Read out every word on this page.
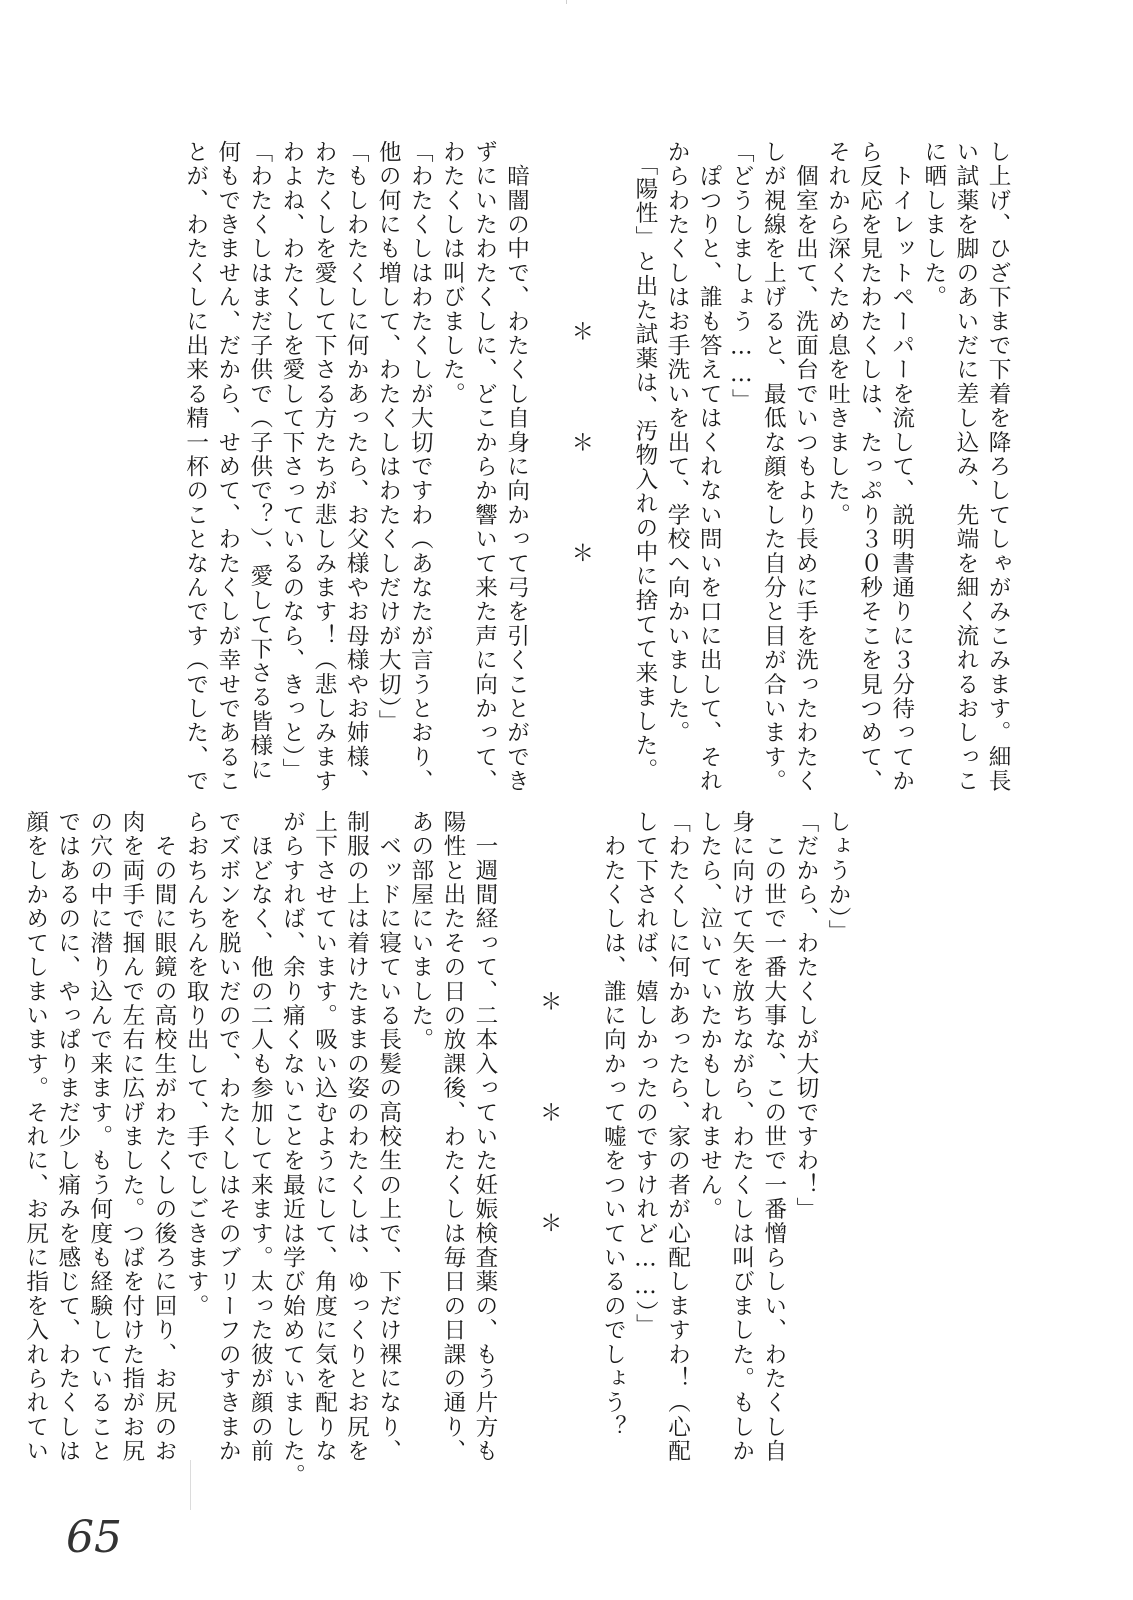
し上げ、ひざ下まで下着を降ろしてしゃがみこみます。細長
い試薬を脚のあいだに差し込み、先端を細く流れるおしっこ
に晒しました。
　トイレットペーパーを流して、説明書通りに３分待ってか
ら反応を見たわたくしは、たっぷり３０秒そこを見つめて、
それから深くため息を吐きました。
　個室を出て、洗面台でいつもより長めに手を洗ったわたく
しが視線を上げると、最低な顔をした自分と目が合います。
「どうしましょう……」
　ぽつりと、誰も答えてはくれない問いを口に出して、それ
からわたくしはお手洗いを出て、学校へ向かいました。
　「陽性」と出た試薬は、汚物入れの中に捨てて来ました。

＊＊＊

　暗闇の中で、わたくし自身に向かって弓を引くことができ
ずにいたわたくしに、どこからか響いて来た声に向かって、
わたくしは叫びました。
「わたくしはわたくしが大切ですわ（あなたが言うとおり、
他の何にも増して、わたくしはわたくしだけが大切）」
「もしわたくしに何かあったら、お父様やお母様やお姉様、
わたくしを愛して下さる方たちが悲しみます！（悲しみます
わよね、わたくしを愛して下さっているのなら、きっと）」
「わたくしはまだ子供で（子供で？）、愛して下さる皆様に
何もできません、だから、せめて、わたくしが幸せであるこ
とが、わたくしに出来る精一杯のことなんです（でした、で
しょうか）」
「だから、わたくしが大切ですわ！」
　この世で一番大事な、この世で一番憎らしい、わたくし自
身に向けて矢を放ちながら、わたくしは叫びました。もしか
したら、泣いていたかもしれません。
「わたくしに何かあったら、家の者が心配しますわ！（心配
して下されば、嬉しかったのですけれど……）」
　わたくしは、誰に向かって嘘をついているのでしょう？

＊＊＊

　一週間経って、二本入っていた妊娠検査薬の、もう片方も
陽性と出たその日の放課後、わたくしは毎日の日課の通り、
あの部屋にいました。
　ベッドに寝ている長髪の高校生の上で、下だけ裸になり、
制服の上は着けたままの姿のわたくしは、ゆっくりとお尻を
上下させています。吸い込むようにして、角度に気を配りな
がらすれば、余り痛くないことを最近は学び始めていました。
　ほどなく、他の二人も参加して来ます。太った彼が顔の前
でズボンを脱いだので、わたくしはそのブリーフのすきまか
らおちんちんを取り出して、手でしごきます。
　その間に眼鏡の高校生がわたくしの後ろに回り、お尻のお
肉を両手で掴んで左右に広げました。つばを付けた指がお尻
の穴の中に潜り込んで来ます。もう何度も経験していること
ではあるのに、やっぱりまだ少し痛みを感じて、わたくしは
顔をしかめてしまいます。それに、お尻に指を入れられてい
65
